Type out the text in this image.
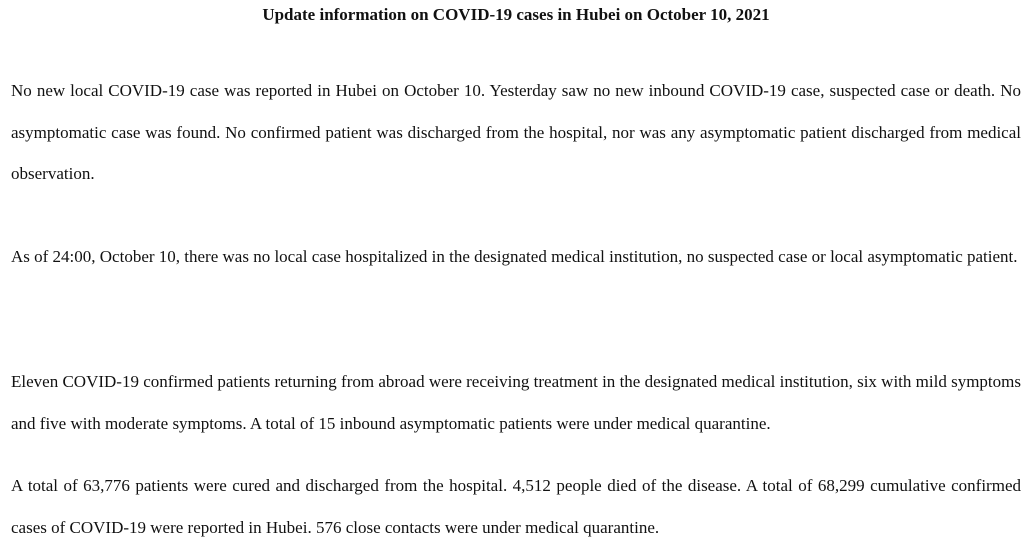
Update information on COVID-19 cases in Hubei on October 10, 2021

No new local COVID-19 case was reported in Hubei on October 10. Yesterday saw no new inbound COVID-19 case, suspected case or death. No asymptomatic case was found. No confirmed patient was discharged from the hospital, nor was any asymptomatic patient discharged from medical observation.

As of 24:00, October 10, there was no local case hospitalized in the designated medical institution, no suspected case or local asymptomatic patient.

Eleven COVID-19 confirmed patients returning from abroad were receiving treatment in the designated medical institution, six with mild symptoms and five with moderate symptoms. A total of 15 inbound asymptomatic patients were under medical quarantine.

A total of 63,776 patients were cured and discharged from the hospital. 4,512 people died of the disease. A total of 68,299 cumulative confirmed cases of COVID-19 were reported in Hubei. 576 close contacts were under medical quarantine.
